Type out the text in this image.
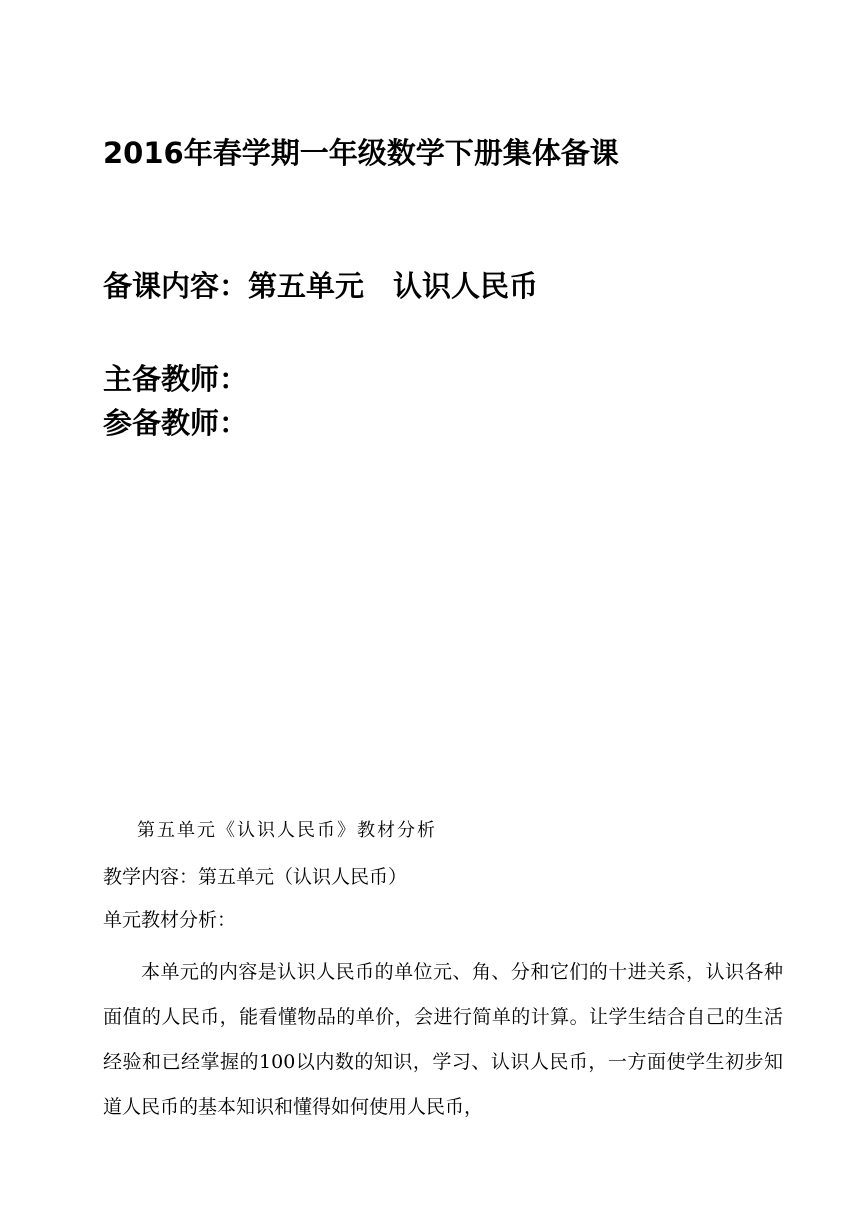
2016年春学期一年级数学下册集体备课
备课内容：第五单元　认识人民币
主备教师：
参备教师：

第五单元《认识人民币》教材分析

教学内容：第五单元（认识人民币）

单元教材分析：

本单元的内容是认识人民币的单位元、角、分和它们的十进关系，认识各种面值的人民币，能看懂物品的单价，会进行简单的计算。让学生结合自己的生活经验和已经掌握的100以内数的知识，学习、认识人民币，一方面使学生初步知道人民币的基本知识和懂得如何使用人民币，
